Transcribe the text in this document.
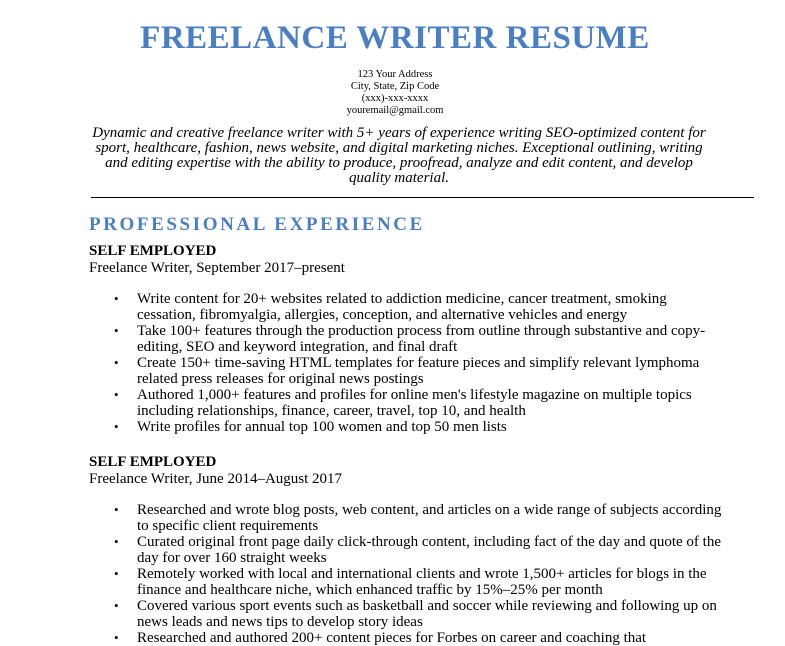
FREELANCE WRITER RESUME
123 Your Address
City, State, Zip Code
(xxx)-xxx-xxxx
youremail@gmail.com
Dynamic and creative freelance writer with 5+ years of experience writing SEO-optimized content for sport, healthcare, fashion, news website, and digital marketing niches. Exceptional outlining, writing and editing expertise with the ability to produce, proofread, analyze and edit content, and develop quality material.
PROFESSIONAL EXPERIENCE
SELF EMPLOYED
Freelance Writer, September 2017–present
• Write content for 20+ websites related to addiction medicine, cancer treatment, smoking cessation, fibromyalgia, allergies, conception, and alternative vehicles and energy
• Take 100+ features through the production process from outline through substantive and copy-editing, SEO and keyword integration, and final draft
• Create 150+ time-saving HTML templates for feature pieces and simplify relevant lymphoma related press releases for original news postings
• Authored 1,000+ features and profiles for online men's lifestyle magazine on multiple topics including relationships, finance, career, travel, top 10, and health
• Write profiles for annual top 100 women and top 50 men lists
SELF EMPLOYED
Freelance Writer, June 2014–August 2017
• Researched and wrote blog posts, web content, and articles on a wide range of subjects according to specific client requirements
• Curated original front page daily click-through content, including fact of the day and quote of the day for over 160 straight weeks
• Remotely worked with local and international clients and wrote 1,500+ articles for blogs in the finance and healthcare niche, which enhanced traffic by 15%–25% per month
• Covered various sport events such as basketball and soccer while reviewing and following up on news leads and news tips to develop story ideas
• Researched and authored 200+ content pieces for Forbes on career and coaching that
